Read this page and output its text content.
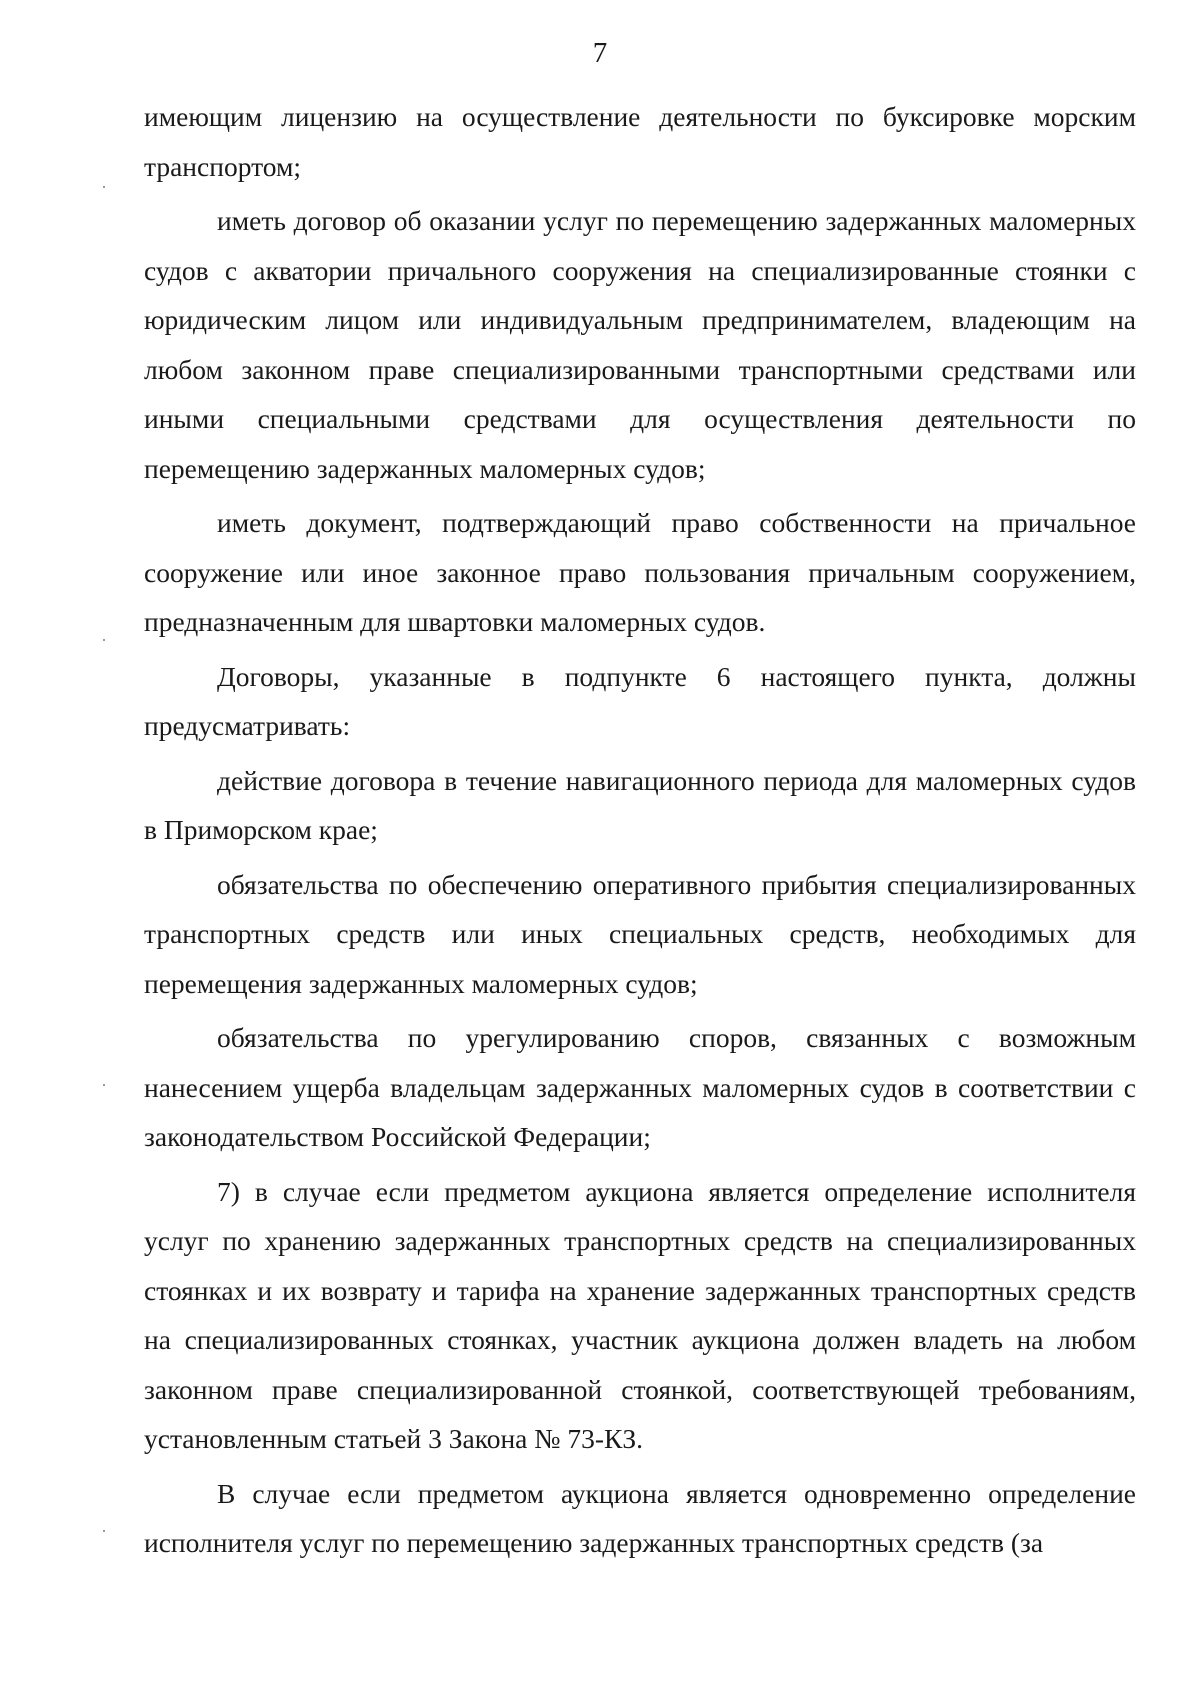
7

имеющим лицензию на осуществление деятельности по буксировке морским транспортом;

иметь договор об оказании услуг по перемещению задержанных маломерных судов с акватории причального сооружения на специализированные стоянки с юридическим лицом или индивидуальным предпринимателем, владеющим на любом законном праве специализированными транспортными средствами или иными специальными средствами для осуществления деятельности по перемещению задержанных маломерных судов;

иметь документ, подтверждающий право собственности на причальное сооружение или иное законное право пользования причальным сооружением, предназначенным для швартовки маломерных судов.

Договоры, указанные в подпункте 6 настоящего пункта, должны предусматривать:

действие договора в течение навигационного периода для маломерных судов в Приморском крае;

обязательства по обеспечению оперативного прибытия специализированных транспортных средств или иных специальных средств, необходимых для перемещения задержанных маломерных судов;

обязательства по урегулированию споров, связанных с возможным нанесением ущерба владельцам задержанных маломерных судов в соответствии с законодательством Российской Федерации;

7) в случае если предметом аукциона является определение исполнителя услуг по хранению задержанных транспортных средств на специализированных стоянках и их возврату и тарифа на хранение задержанных транспортных средств на специализированных стоянках, участник аукциона должен владеть на любом законном праве специализированной стоянкой, соответствующей требованиям, установленным статьей 3 Закона № 73-КЗ.

В случае если предметом аукциона является одновременно определение исполнителя услуг по перемещению задержанных транспортных средств (за
